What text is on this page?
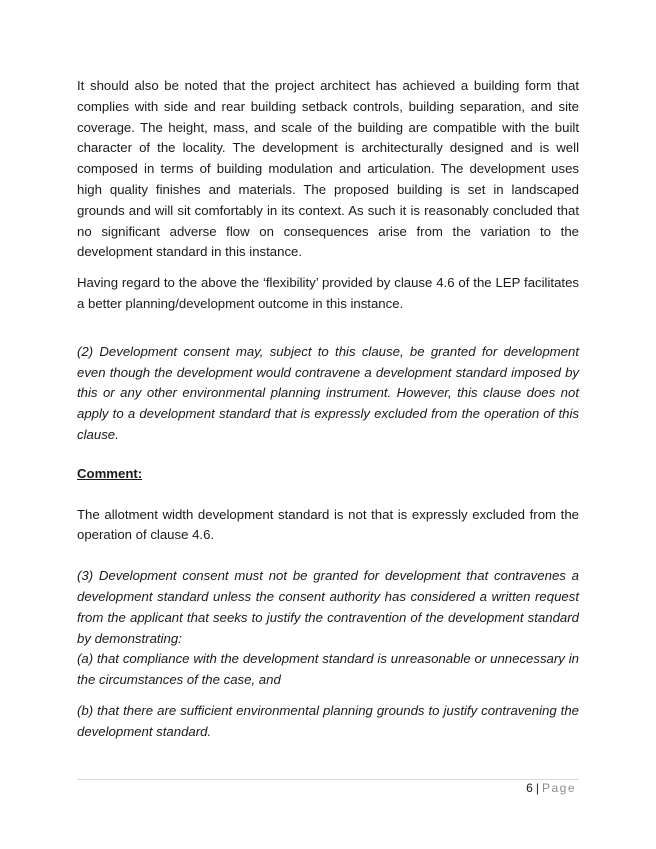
It should also be noted that the project architect has achieved a building form that complies with side and rear building setback controls, building separation, and site coverage. The height, mass, and scale of the building are compatible with the built character of the locality. The development is architecturally designed and is well composed in terms of building modulation and articulation. The development uses high quality finishes and materials. The proposed building is set in landscaped grounds and will sit comfortably in its context. As such it is reasonably concluded that no significant adverse flow on consequences arise from the variation to the development standard in this instance.

Having regard to the above the ‘flexibility’ provided by clause 4.6 of the LEP facilitates a better planning/development outcome in this instance.

(2) Development consent may, subject to this clause, be granted for development even though the development would contravene a development standard imposed by this or any other environmental planning instrument. However, this clause does not apply to a development standard that is expressly excluded from the operation of this clause.

Comment:

The allotment width development standard is not that is expressly excluded from the operation of clause 4.6.

(3) Development consent must not be granted for development that contravenes a development standard unless the consent authority has considered a written request from the applicant that seeks to justify the contravention of the development standard by demonstrating:

(a) that compliance with the development standard is unreasonable or unnecessary in the circumstances of the case, and

(b) that there are sufficient environmental planning grounds to justify contravening the development standard.

6 | Page
